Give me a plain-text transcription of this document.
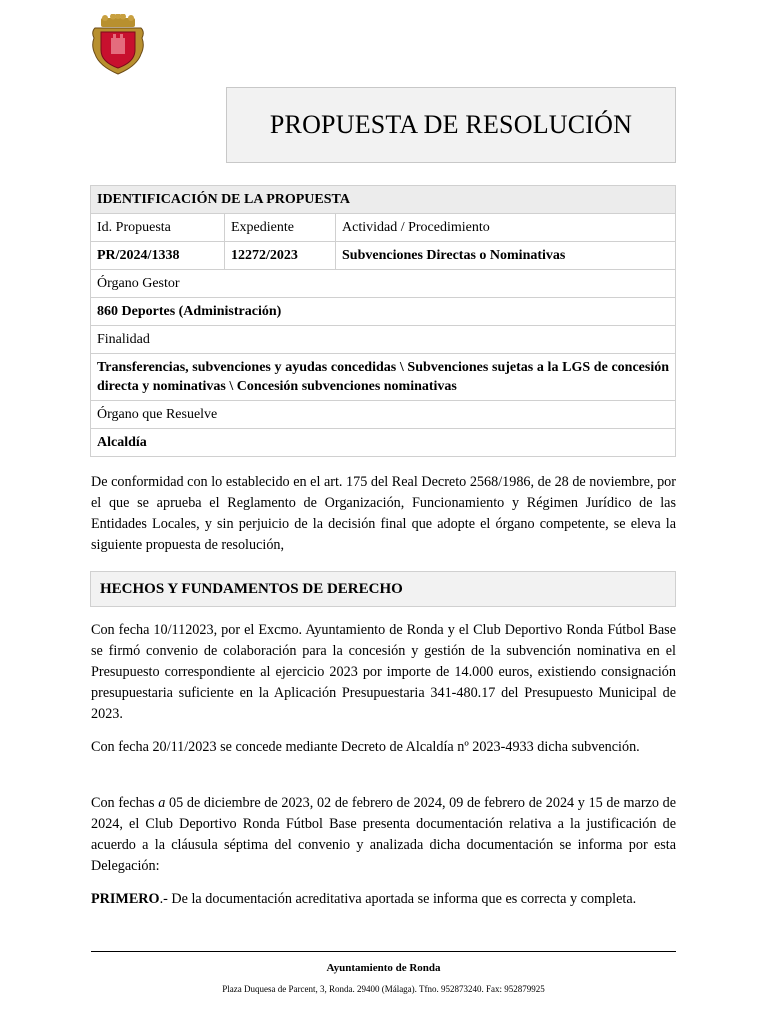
PROPUESTA DE RESOLUCIÓN
IDENTIFICACIÓN DE LA PROPUESTA		
Id. Propuesta	Expediente	Actividad / Procedimiento
PR/2024/1338	12272/2023	Subvenciones Directas o Nominativas
Órgano Gestor		
860 Deportes (Administración)		
Finalidad		
Transferencias, subvenciones y ayudas concedidas \ Subvenciones sujetas a la LGS de concesión directa y nominativas \ Concesión subvenciones nominativas		
Órgano que Resuelve		
Alcaldía		

De conformidad con lo establecido en el art. 175 del Real Decreto 2568/1986, de 28 de noviembre, por el que se aprueba el Reglamento de Organización, Funcionamiento y Régimen Jurídico de las Entidades Locales, y sin perjuicio de la decisión final que adopte el órgano competente, se eleva la siguiente propuesta de resolución,

HECHOS Y FUNDAMENTOS DE DERECHO

Con fecha 10/112023, por el Excmo. Ayuntamiento de Ronda y el Club Deportivo Ronda Fútbol Base se firmó convenio de colaboración para la concesión y gestión de la subvención nominativa en el Presupuesto correspondiente al ejercicio 2023 por importe de 14.000 euros, existiendo consignación presupuestaria suficiente en la Aplicación Presupuestaria 341-480.17 del Presupuesto Municipal de 2023.

Con fecha 20/11/2023 se concede mediante Decreto de Alcaldía nº 2023-4933 dicha subvención.

Con fechas a 05 de diciembre de 2023, 02 de febrero de 2024, 09 de febrero de 2024 y 15 de marzo de 2024, el Club Deportivo Ronda Fútbol Base presenta documentación relativa a la justificación de acuerdo a la cláusula séptima del convenio y analizada dicha documentación se informa por esta Delegación:

PRIMERO.- De la documentación acreditativa aportada se informa que es correcta y completa.

Ayuntamiento de Ronda
Plaza Duquesa de Parcent, 3, Ronda. 29400 (Málaga). Tfno. 952873240. Fax: 952879925
